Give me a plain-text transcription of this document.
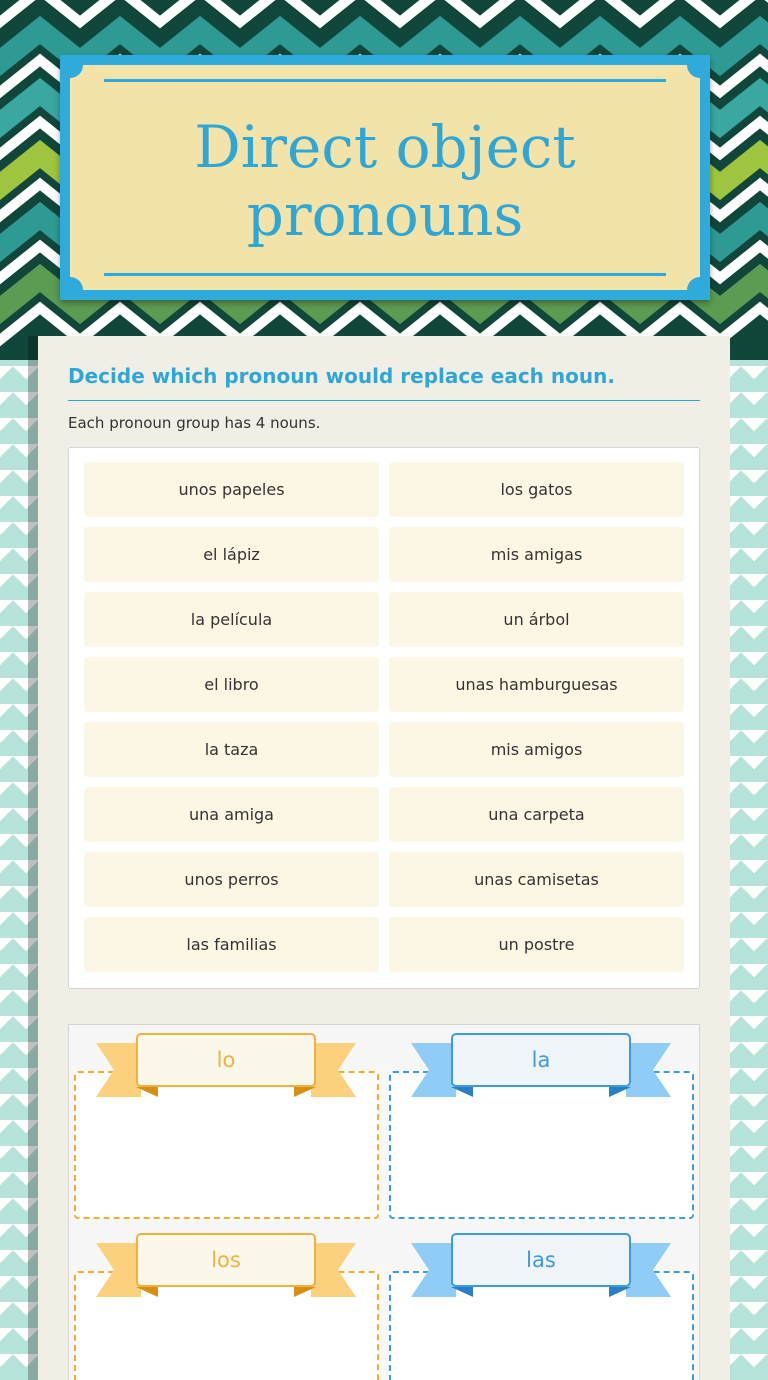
Direct object
pronouns
Decide which pronoun would replace each noun.
Each pronoun group has 4 nouns.
unos papeles	los gatos
el lápiz	mis amigas
la película	un árbol
el libro	unas hamburguesas
la taza	mis amigos
una amiga	una carpeta
unos perros	unas camisetas
las familias	un postre
lo	la
los	las
